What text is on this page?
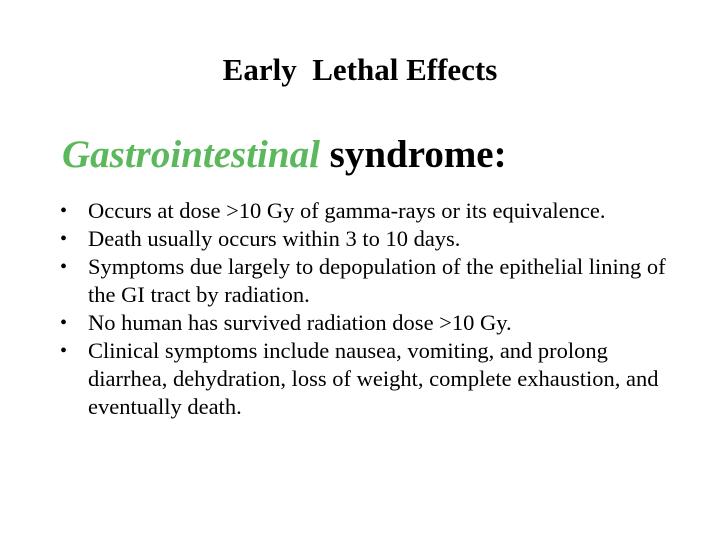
Early  Lethal Effects
Gastrointestinal syndrome:
• Occurs at dose >10 Gy of gamma-rays or its equivalence.
• Death usually occurs within 3 to 10 days.
• Symptoms due largely to depopulation of the epithelial lining of the GI tract by radiation.
• No human has survived radiation dose >10 Gy.
• Clinical symptoms include nausea, vomiting, and prolong diarrhea, dehydration, loss of weight, complete exhaustion, and eventually death.
